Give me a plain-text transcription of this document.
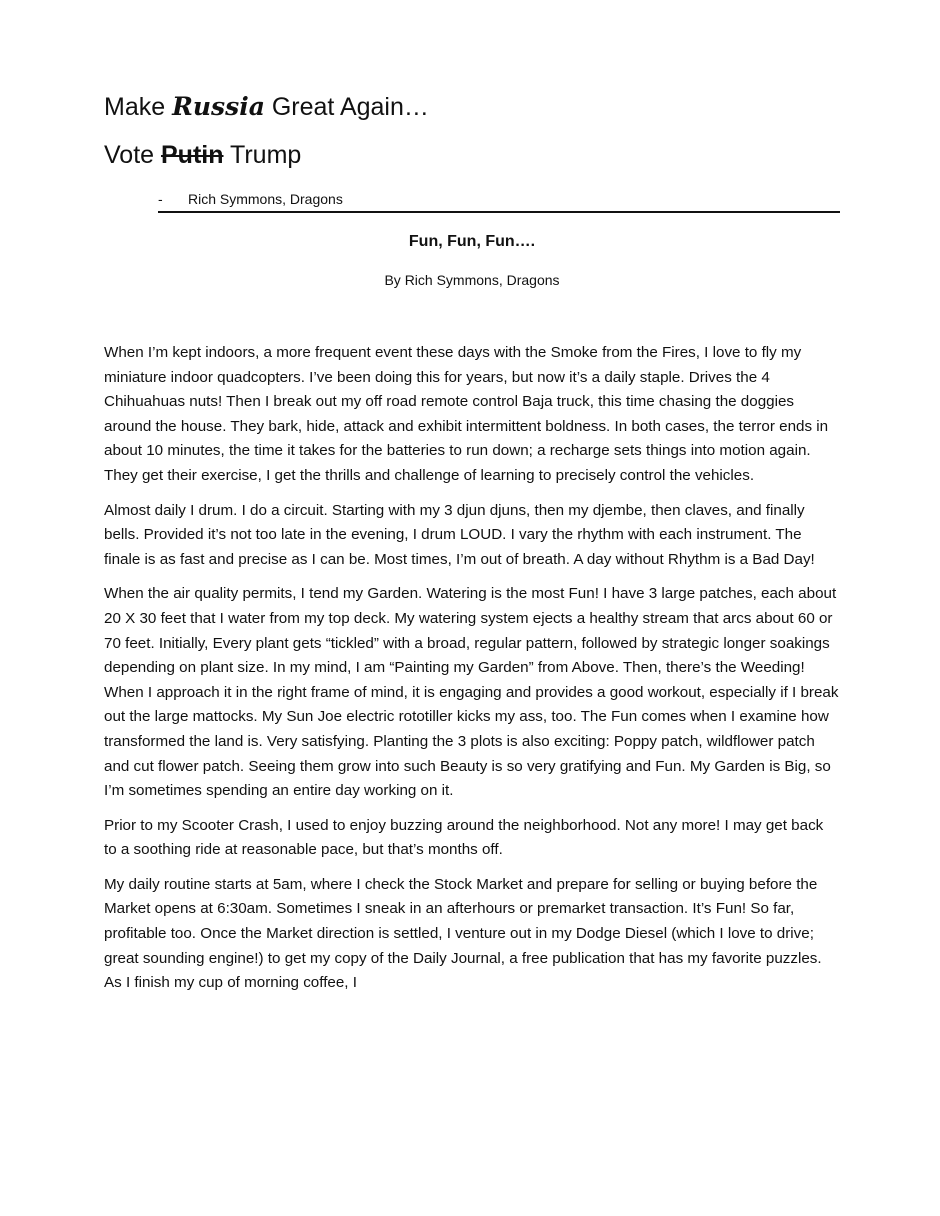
Make Russia Great Again…
Vote Putin Trump
- Rich Symmons, Dragons
Fun, Fun, Fun….
By Rich Symmons, Dragons

When I’m kept indoors, a more frequent event these days with the Smoke from the Fires, I love to fly my miniature indoor quadcopters. I’ve been doing this for years, but now it’s a daily staple. Drives the 4 Chihuahuas nuts! Then I break out my off road remote control Baja truck, this time chasing the doggies around the house. They bark, hide, attack and exhibit intermittent boldness. In both cases, the terror ends in about 10 minutes, the time it takes for the batteries to run down; a recharge sets things into motion again. They get their exercise, I get the thrills and challenge of learning to precisely control the vehicles.

Almost daily I drum. I do a circuit. Starting with my 3 djun djuns, then my djembe, then claves, and finally bells. Provided it’s not too late in the evening, I drum LOUD. I vary the rhythm with each instrument. The finale is as fast and precise as I can be. Most times, I’m out of breath. A day without Rhythm is a Bad Day!

When the air quality permits, I tend my Garden. Watering is the most Fun! I have 3 large patches, each about 20 X 30 feet that I water from my top deck. My watering system ejects a healthy stream that arcs about 60 or 70 feet. Initially, Every plant gets “tickled” with a broad, regular pattern, followed by strategic longer soakings depending on plant size. In my mind, I am “Painting my Garden” from Above. Then, there’s the Weeding! When I approach it in the right frame of mind, it is engaging and provides a good workout, especially if I break out the large mattocks. My Sun Joe electric rototiller kicks my ass, too. The Fun comes when I examine how transformed the land is. Very satisfying. Planting the 3 plots is also exciting: Poppy patch, wildflower patch and cut flower patch. Seeing them grow into such Beauty is so very gratifying and Fun. My Garden is Big, so I’m sometimes spending an entire day working on it.

Prior to my Scooter Crash, I used to enjoy buzzing around the neighborhood. Not any more! I may get back to a soothing ride at reasonable pace, but that’s months off.

My daily routine starts at 5am, where I check the Stock Market and prepare for selling or buying before the Market opens at 6:30am. Sometimes I sneak in an afterhours or premarket transaction. It’s Fun! So far, profitable too. Once the Market direction is settled, I venture out in my Dodge Diesel (which I love to drive; great sounding engine!) to get my copy of the Daily Journal, a free publication that has my favorite puzzles. As I finish my cup of morning coffee, I
